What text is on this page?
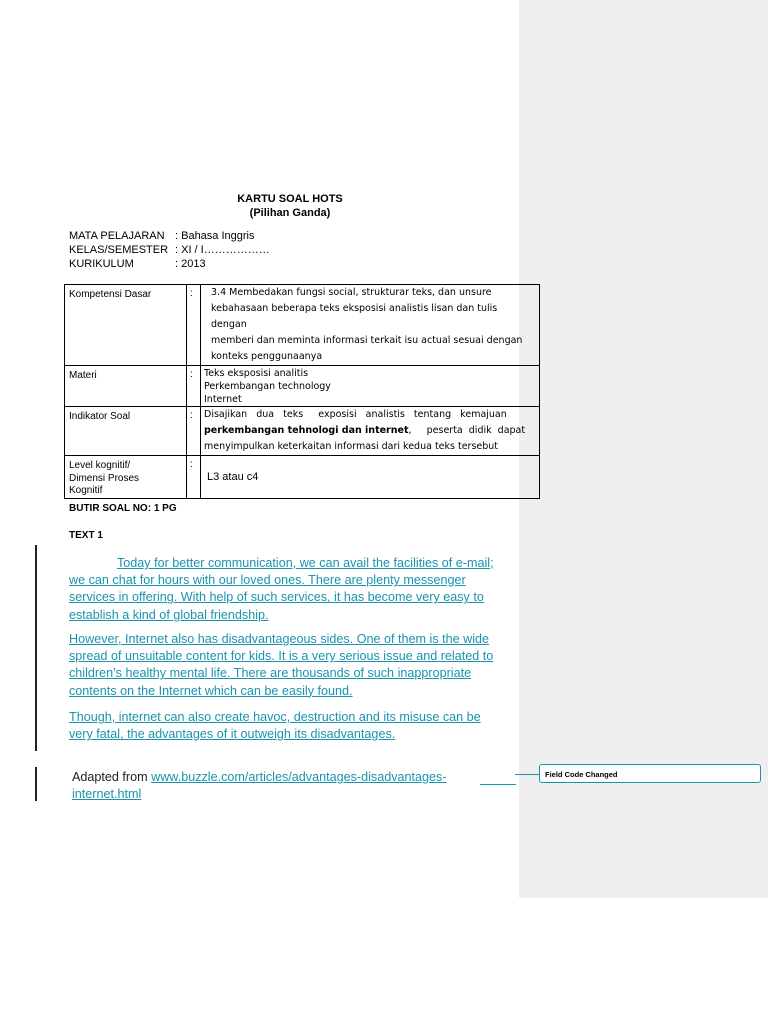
KARTU SOAL HOTS
(Pilihan Ganda)
MATA PELAJARAN : Bahasa Inggris
KELAS/SEMESTER : XI / I………………
KURIKULUM	: 2013
Kompetensi Dasar	:	3.4 Membedakan fungsi social, strukturar teks, dan unsure
kebahasaan beberapa teks eksposisi analistis lisan dan tulis dengan
memberi dan meminta informasi terkait isu actual sesuai dengan
konteks penggunaanya

Materi	:	Teks eksposisi analitis
Perkembangan technology
Internet

Indikator Soal	:	Disajikan   dua   teks     exposisi   analistis   tentang   kemajuan
perkembangan tehnologi dan internet,     peserta  didik  dapat
menyimpulkan keterkaitan informasi dari kedua teks tersebut

Level kognitif/
Dimensi Proses
Kognitif	:	L3 atau c4
BUTIR SOAL NO: 1 PG
TEXT 1
Today for better communication, we can avail the facilities of e-mail; we can chat for hours with our loved ones. There are plenty messenger services in offering. With help of such services, it has become very easy to establish a kind of global friendship.
However, Internet also has disadvantageous sides. One of them is the wide spread of unsuitable content for kids. It is a very serious issue and related to children’s healthy mental life. There are thousands of such inappropriate contents on the Internet which can be easily found.
Though, internet can also create havoc, destruction and its misuse can be very fatal, the advantages of it outweigh its disadvantages.
Adapted from www.buzzle.com/articles/advantages-disadvantages-internet.html
Field Code Changed
